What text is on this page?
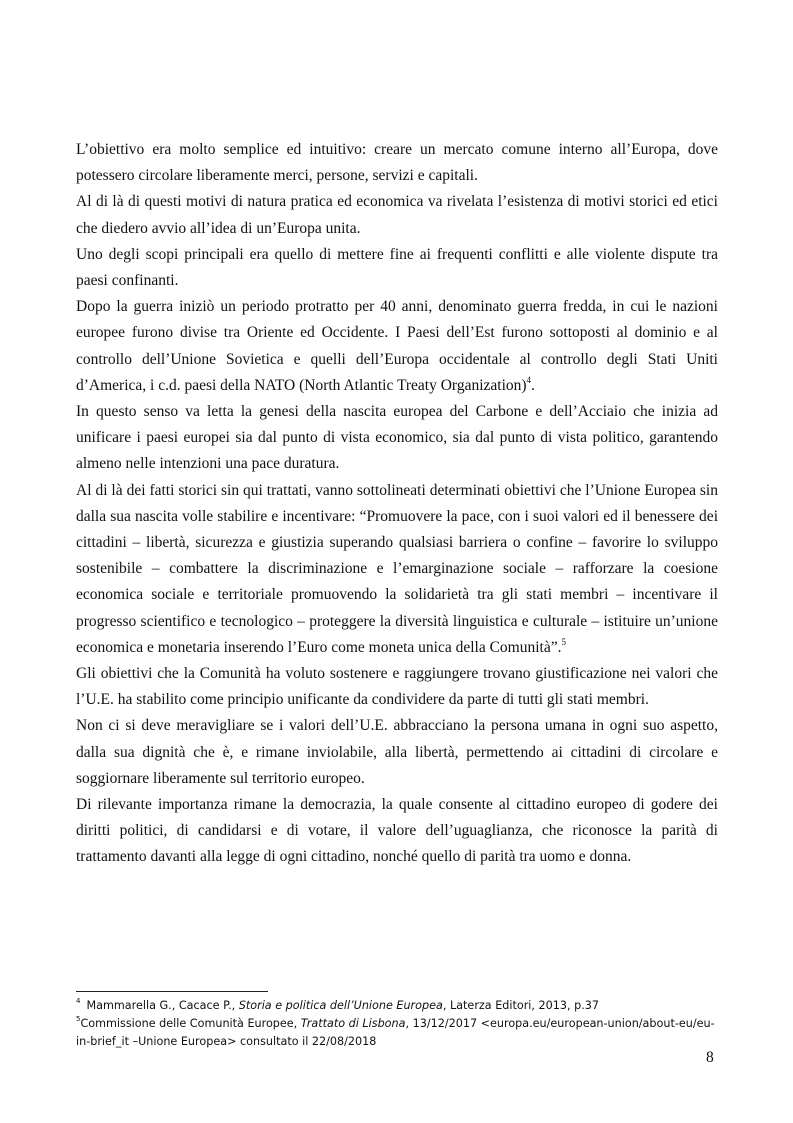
L’obiettivo era molto semplice ed intuitivo: creare un mercato comune interno all’Europa, dove potessero circolare liberamente merci, persone, servizi e capitali.

Al di là di questi motivi di natura pratica ed economica va rivelata l’esistenza di motivi storici ed etici che diedero avvio all’idea di un’Europa unita.

Uno degli scopi principali era quello di mettere fine ai frequenti conflitti e alle violente dispute tra paesi confinanti.

Dopo la guerra iniziò un periodo protratto per 40 anni, denominato guerra fredda, in cui le nazioni europee furono divise tra Oriente ed Occidente. I Paesi dell’Est furono sottoposti al dominio e al controllo dell’Unione Sovietica e quelli dell’Europa occidentale al controllo degli Stati Uniti d’America, i c.d. paesi della NATO (North Atlantic Treaty Organization)$^4$.

In questo senso va letta la genesi della nascita europea del Carbone e dell’Acciaio che inizia ad unificare i paesi europei sia dal punto di vista economico, sia dal punto di vista politico, garantendo almeno nelle intenzioni una pace duratura.

Al di là dei fatti storici sin qui trattati, vanno sottolineati determinati obiettivi che l’Unione Europea sin dalla sua nascita volle stabilire e incentivare: “Promuovere la pace, con i suoi valori ed il benessere dei cittadini – libertà, sicurezza e giustizia superando qualsiasi barriera o confine – favorire lo sviluppo sostenibile – combattere la discriminazione e l’emarginazione sociale – rafforzare la coesione economica sociale e territoriale promuovendo la solidarietà tra gli stati membri – incentivare il progresso scientifico e tecnologico – proteggere la diversità linguistica e culturale – istituire un’unione economica e monetaria inserendo l’Euro come moneta unica della Comunità”.$^5$

Gli obiettivi che la Comunità ha voluto sostenere e raggiungere trovano giustificazione nei valori che l’U.E. ha stabilito come principio unificante da condividere da parte di tutti gli stati membri.

Non ci si deve meravigliare se i valori dell’U.E. abbracciano la persona umana in ogni suo aspetto, dalla sua dignità che è, e rimane inviolabile, alla libertà, permettendo ai cittadini di circolare e soggiornare liberamente sul territorio europeo.

Di rilevante importanza rimane la democrazia, la quale consente al cittadino europeo di godere dei diritti politici, di candidarsi e di votare, il valore dell’uguaglianza, che riconosce la parità di trattamento davanti alla legge di ogni cittadino, nonché quello di parità tra uomo e donna.

$^4$ Mammarella G., Cacace P., Storia e politica dell’Unione Europea, Laterza Editori, 2013, p.37

$^5$Commissione delle Comunità Europee, Trattato di Lisbona, 13/12/2017 <europa.eu/european-union/about-eu/eu-in-brief_it –Unione Europea> consultato il 22/08/2018

8
